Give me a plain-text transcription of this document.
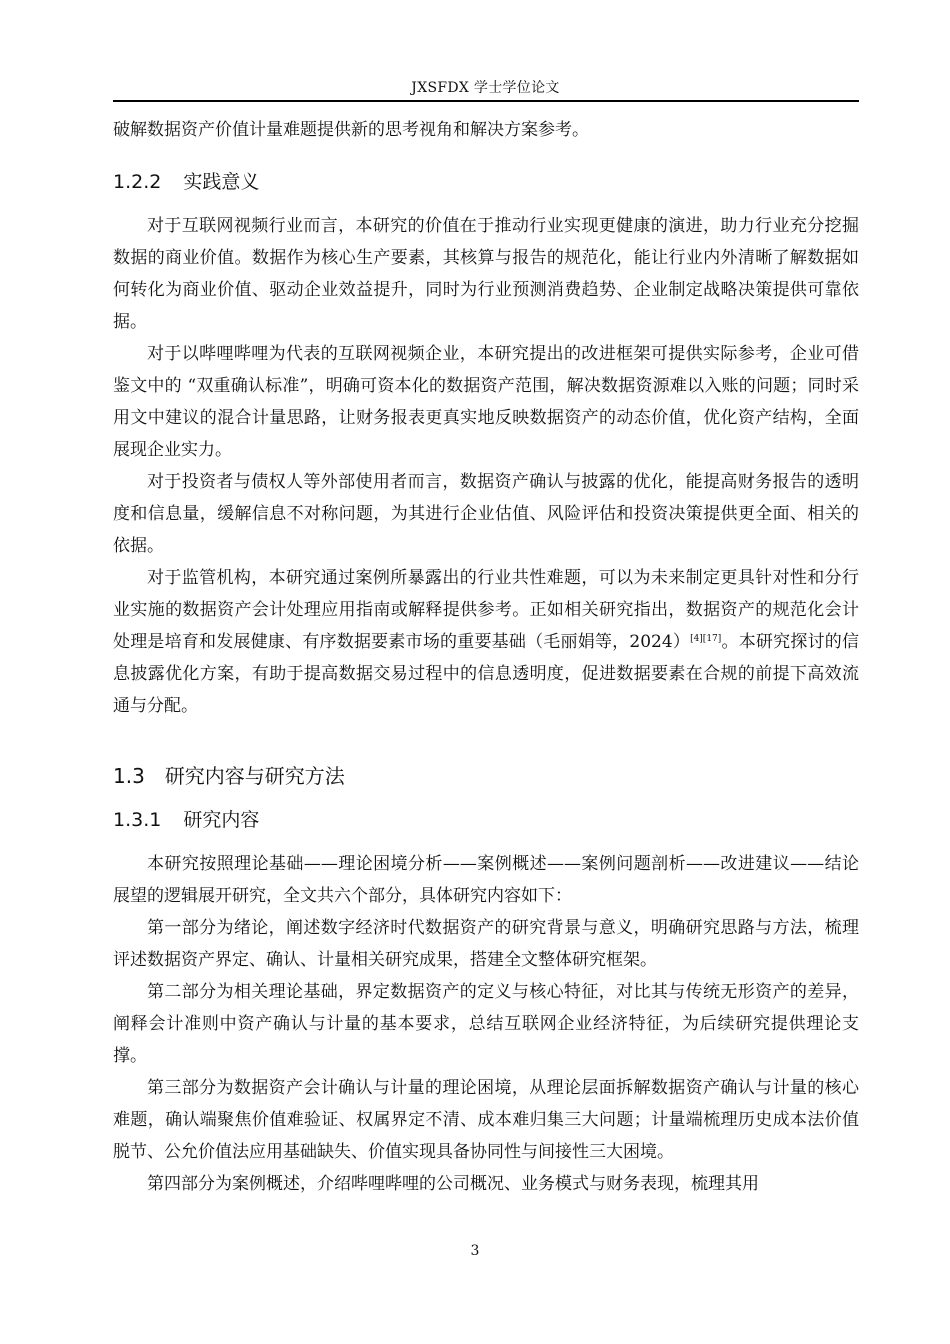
JXSFDX 学士学位论文

破解数据资产价值计量难题提供新的思考视角和解决方案参考。

1.2.2 实践意义

对于互联网视频行业而言，本研究的价值在于推动行业实现更健康的演进，助力行业充分挖掘数据的商业价值。数据作为核心生产要素，其核算与报告的规范化，能让行业内外清晰了解数据如何转化为商业价值、驱动企业效益提升，同时为行业预测消费趋势、企业制定战略决策提供可靠依据。

对于以哔哩哔哩为代表的互联网视频企业，本研究提出的改进框架可提供实际参考，企业可借鉴文中的 “双重确认标准”，明确可资本化的数据资产范围，解决数据资源难以入账的问题；同时采用文中建议的混合计量思路，让财务报表更真实地反映数据资产的动态价值，优化资产结构，全面展现企业实力。

对于投资者与债权人等外部使用者而言，数据资产确认与披露的优化，能提高财务报告的透明度和信息量，缓解信息不对称问题，为其进行企业估值、风险评估和投资决策提供更全面、相关的依据。

对于监管机构，本研究通过案例所暴露出的行业共性难题，可以为未来制定更具针对性和分行业实施的数据资产会计处理应用指南或解释提供参考。正如相关研究指出，数据资产的规范化会计处理是培育和发展健康、有序数据要素市场的重要基础（毛丽娟等，2024）[4][17]。本研究探讨的信息披露优化方案，有助于提高数据交易过程中的信息透明度，促进数据要素在合规的前提下高效流通与分配。

1.3 研究内容与研究方法
1.3.1 研究内容

本研究按照理论基础——理论困境分析——案例概述——案例问题剖析——改进建议——结论展望的逻辑展开研究，全文共六个部分，具体研究内容如下：

第一部分为绪论，阐述数字经济时代数据资产的研究背景与意义，明确研究思路与方法，梳理评述数据资产界定、确认、计量相关研究成果，搭建全文整体研究框架。

第二部分为相关理论基础，界定数据资产的定义与核心特征，对比其与传统无形资产的差异，阐释会计准则中资产确认与计量的基本要求，总结互联网企业经济特征，为后续研究提供理论支撑。

第三部分为数据资产会计确认与计量的理论困境，从理论层面拆解数据资产确认与计量的核心难题，确认端聚焦价值难验证、权属界定不清、成本难归集三大问题；计量端梳理历史成本法价值脱节、公允价值法应用基础缺失、价值实现具备协同性与间接性三大困境。

第四部分为案例概述，介绍哔哩哔哩的公司概况、业务模式与财务表现，梳理其用

3
